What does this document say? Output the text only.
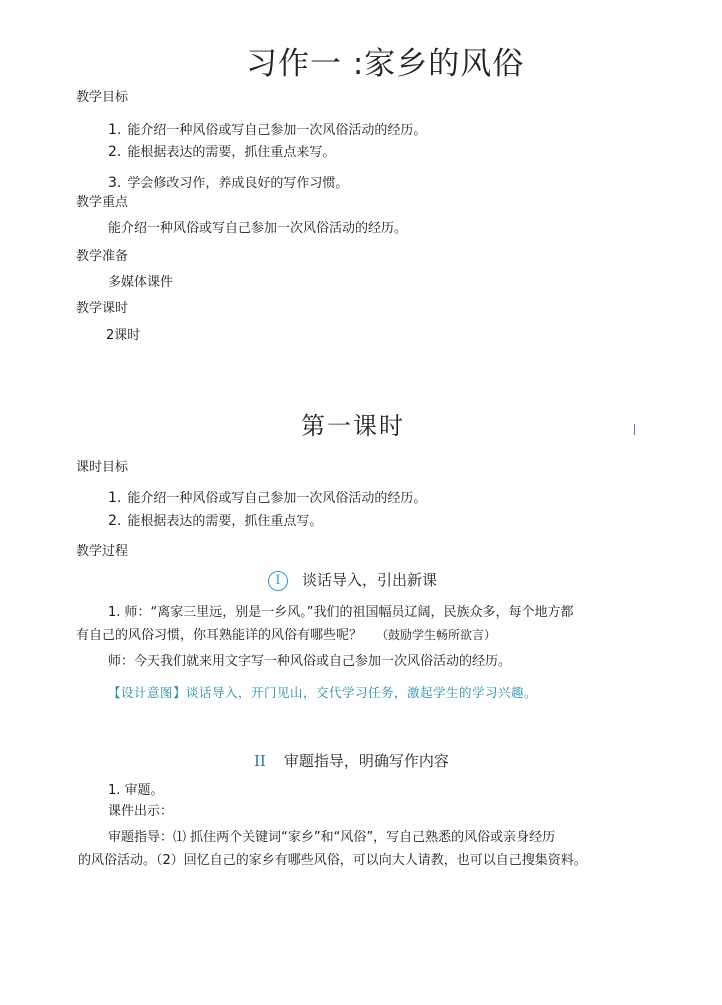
习作一 :家乡的风俗
教学目标
1. 能介绍一种风俗或写自己参加一次风俗活动的经历。
2. 能根据表达的需要，抓住重点来写。
3. 学会修改习作，养成良好的写作习惯。
教学重点
能介绍一种风俗或写自己参加一次风俗活动的经历。
教学准备
多媒体课件
教学课时
2课时
第一课时
课时目标
1. 能介绍一种风俗或写自己参加一次风俗活动的经历。
2. 能根据表达的需要，抓住重点写。
教学过程
I 谈话导入，引出新课
1. 师：“离家三里远，别是一乡风。”我们的祖国幅员辽阔，民族众多，每个地方都
有自己的风俗习惯，你耳熟能详的风俗有哪些呢？ （鼓励学生畅所欲言）
师：今天我们就来用文字写一种风俗或自己参加一次风俗活动的经历。
【设计意图】谈话导入，开门见山，交代学习任务，激起学生的学习兴趣。
II 审题指导，明确写作内容
1. 审题。
课件出示：
审题指导：⑴ 抓住两个关键词“家乡”和“风俗”，写自己熟悉的风俗或亲身经历
的风俗活动。（2）回忆自己的家乡有哪些风俗，可以向大人请教，也可以自己搜集资料。
